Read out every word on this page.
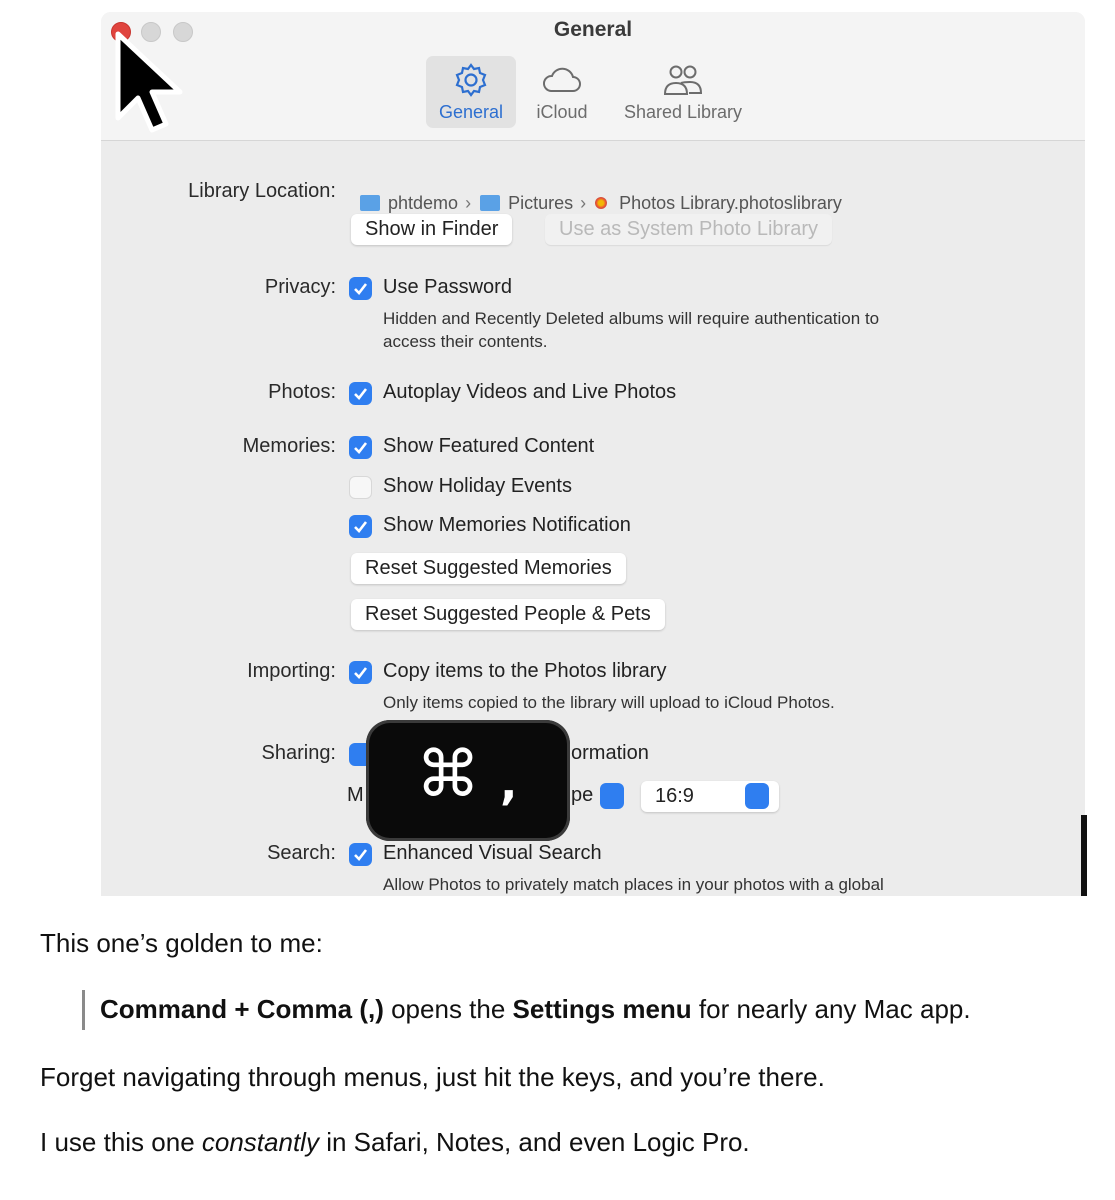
General
General	iCloud	Shared Library
Library Location:
phtdemo › Pictures › Photos Library.photoslibrary
Show in Finder	Use as System Photo Library
Privacy: Use Password
Hidden and Recently Deleted albums will require authentication to
access their contents.
Photos: Autoplay Videos and Live Photos
Memories: Show Featured Content
Show Holiday Events
Show Memories Notification
Reset Suggested Memories
Reset Suggested People & Pets
Importing: Copy items to the Photos library
Only items copied to the library will upload to iCloud Photos.
Sharing:	ormation
M	pe	16:9
Search: Enhanced Visual Search
Allow Photos to privately match places in your photos with a global
⌘ ,
This one’s golden to me:
Command + Comma (,) opens the Settings menu for nearly any Mac app.
Forget navigating through menus, just hit the keys, and you’re there.
I use this one constantly in Safari, Notes, and even Logic Pro.
